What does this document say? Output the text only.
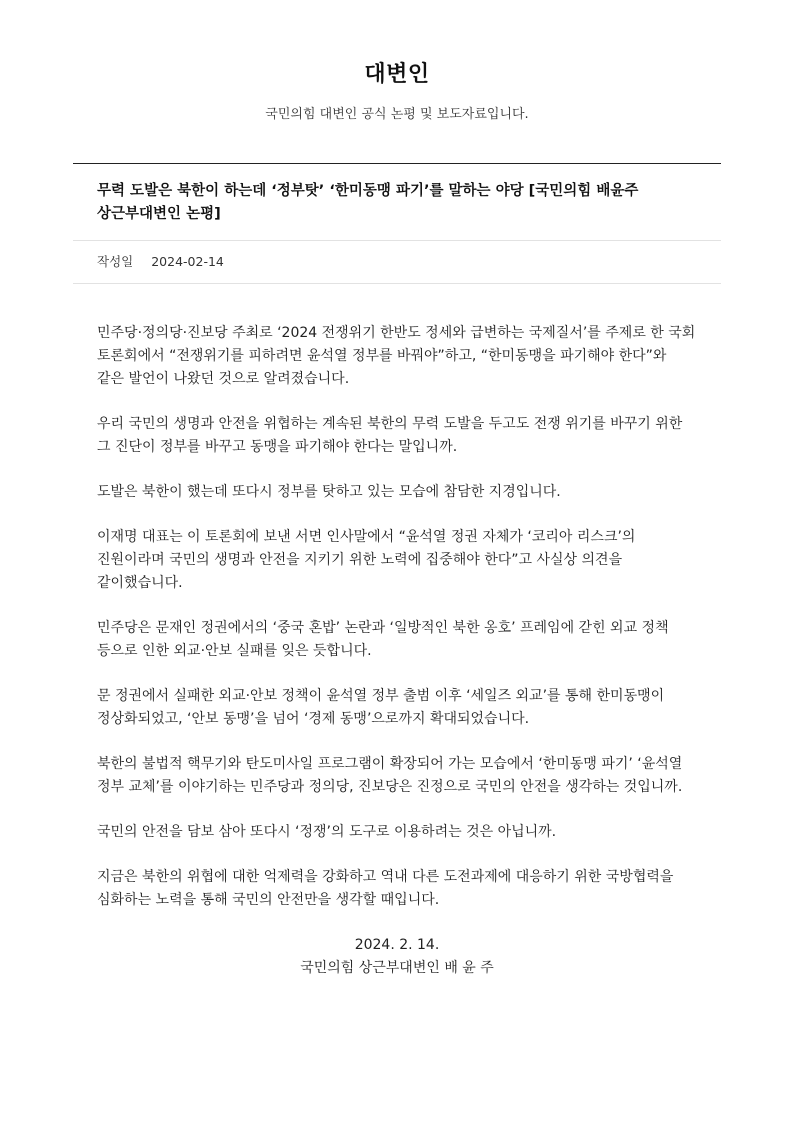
대변인
국민의힘 대변인 공식 논평 및 보도자료입니다.
무력 도발은 북한이 하는데 ‘정부탓’ ‘한미동맹 파기’를 말하는 야당 [국민의힘 배윤주 상근부대변인 논평]
작성일 2024-02-14

민주당·정의당·진보당 주최로 ‘2024 전쟁위기 한반도 정세와 급변하는 국제질서’를 주제로 한 국회 토론회에서 “전쟁위기를 피하려면 윤석열 정부를 바꿔야”하고, “한미동맹을 파기해야 한다”와 같은 발언이 나왔던 것으로 알려졌습니다.

우리 국민의 생명과 안전을 위협하는 계속된 북한의 무력 도발을 두고도 전쟁 위기를 바꾸기 위한 그 진단이 정부를 바꾸고 동맹을 파기해야 한다는 말입니까.

도발은 북한이 했는데 또다시 정부를 탓하고 있는 모습에 참담한 지경입니다.

이재명 대표는 이 토론회에 보낸 서면 인사말에서 “윤석열 정권 자체가 ‘코리아 리스크’의 진원이라며 국민의 생명과 안전을 지키기 위한 노력에 집중해야 한다”고 사실상 의견을 같이했습니다.

민주당은 문재인 정권에서의 ‘중국 혼밥’ 논란과 ‘일방적인 북한 옹호’ 프레임에 갇힌 외교 정책 등으로 인한 외교·안보 실패를 잊은 듯합니다.

문 정권에서 실패한 외교·안보 정책이 윤석열 정부 출범 이후 ‘세일즈 외교’를 통해 한미동맹이 정상화되었고, ‘안보 동맹’을 넘어 ‘경제 동맹’으로까지 확대되었습니다.

북한의 불법적 핵무기와 탄도미사일 프로그램이 확장되어 가는 모습에서 ‘한미동맹 파기’ ‘윤석열 정부 교체’를 이야기하는 민주당과 정의당, 진보당은 진정으로 국민의 안전을 생각하는 것입니까.

국민의 안전을 담보 삼아 또다시 ‘정쟁’의 도구로 이용하려는 것은 아닙니까.

지금은 북한의 위협에 대한 억제력을 강화하고 역내 다른 도전과제에 대응하기 위한 국방협력을 심화하는 노력을 통해 국민의 안전만을 생각할 때입니다.

2024. 2. 14.
국민의힘 상근부대변인 배 윤 주
